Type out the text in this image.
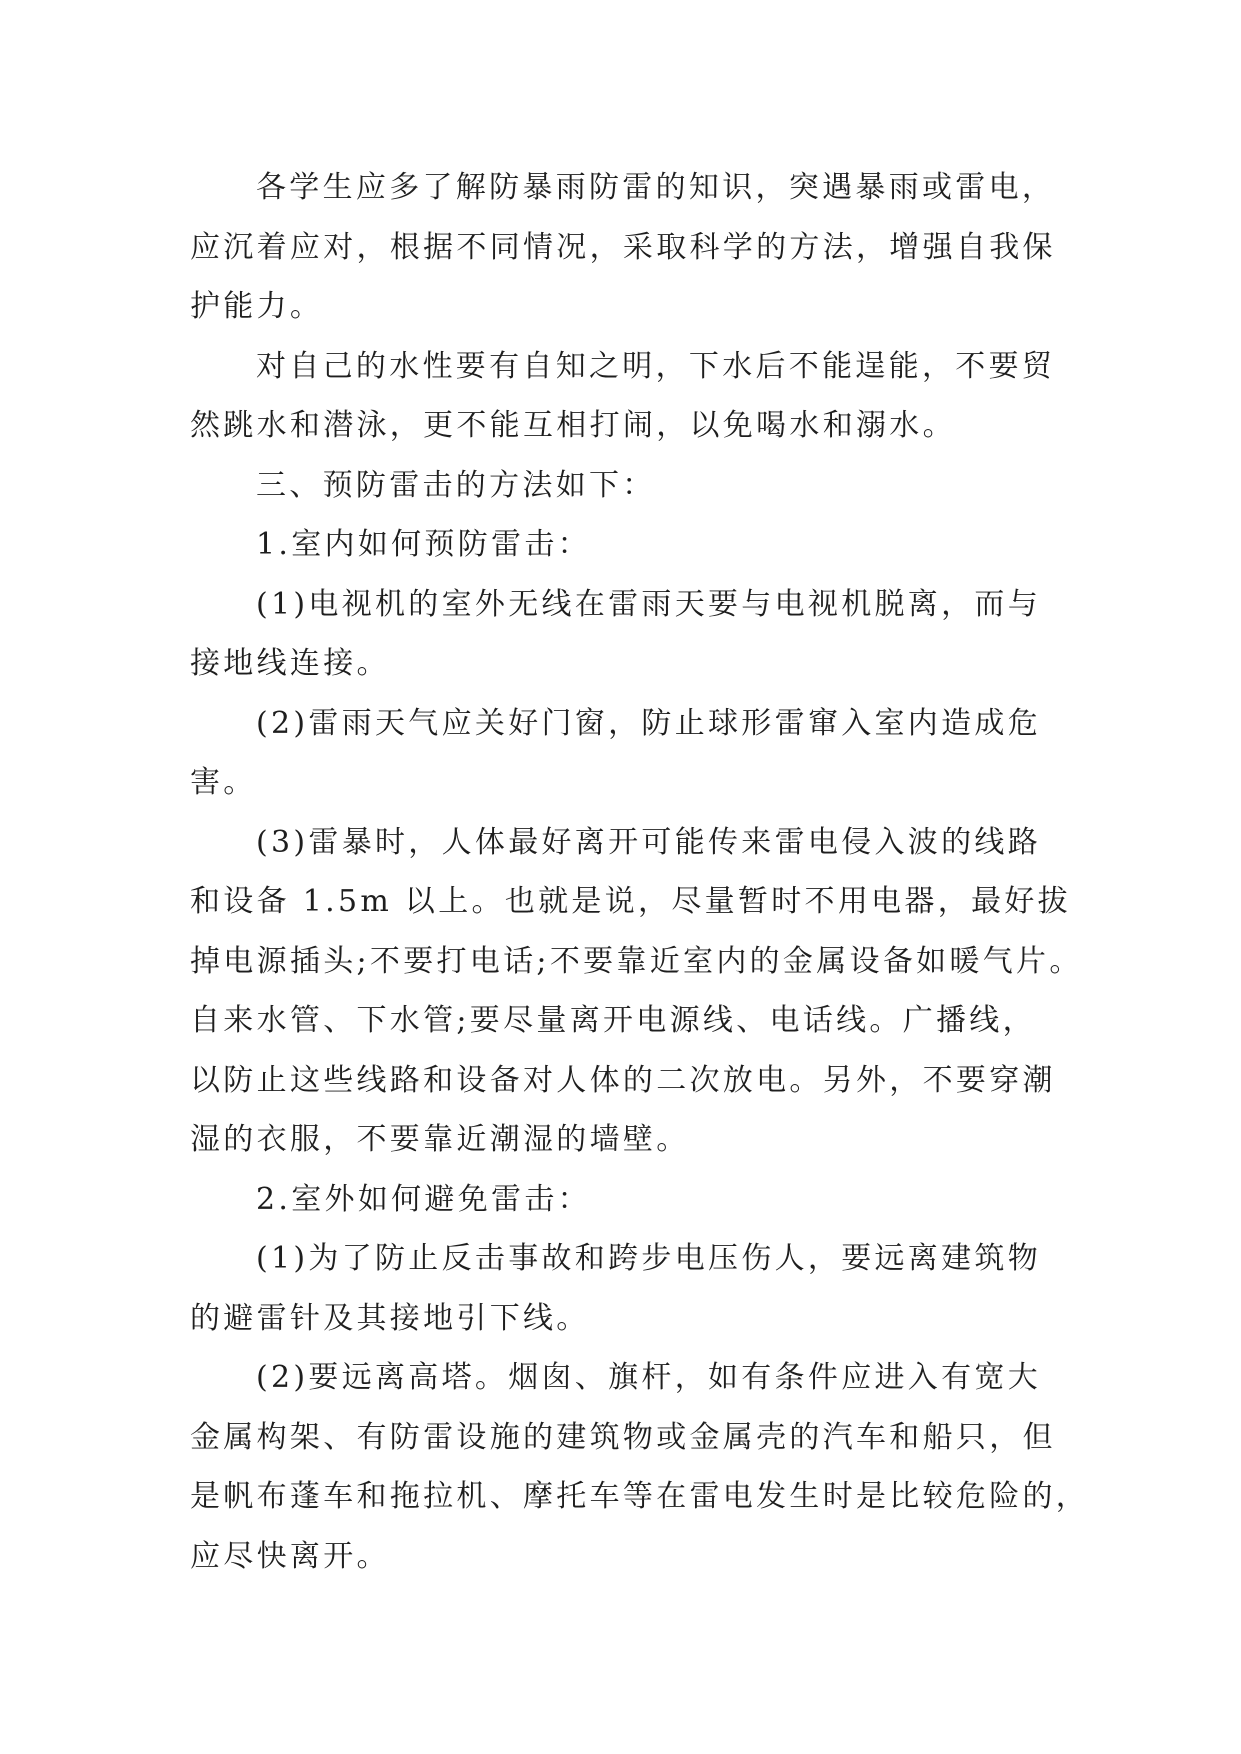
各学生应多了解防暴雨防雷的知识，突遇暴雨或雷电，
应沉着应对，根据不同情况，采取科学的方法，增强自我保
护能力。
对自己的水性要有自知之明，下水后不能逞能，不要贸
然跳水和潜泳，更不能互相打闹，以免喝水和溺水。
三、预防雷击的方法如下：
1.室内如何预防雷击：
(1)电视机的室外无线在雷雨天要与电视机脱离，而与
接地线连接。
(2)雷雨天气应关好门窗，防止球形雷窜入室内造成危
害。
(3)雷暴时，人体最好离开可能传来雷电侵入波的线路
和设备 1.5m 以上。也就是说，尽量暂时不用电器，最好拔
掉电源插头;不要打电话;不要靠近室内的金属设备如暖气片。
自来水管、下水管;要尽量离开电源线、电话线。广播线，
以防止这些线路和设备对人体的二次放电。另外，不要穿潮
湿的衣服，不要靠近潮湿的墙壁。
2.室外如何避免雷击：
(1)为了防止反击事故和跨步电压伤人，要远离建筑物
的避雷针及其接地引下线。
(2)要远离高塔。烟囱、旗杆，如有条件应进入有宽大
金属构架、有防雷设施的建筑物或金属壳的汽车和船只，但
是帆布蓬车和拖拉机、摩托车等在雷电发生时是比较危险的，
应尽快离开。
